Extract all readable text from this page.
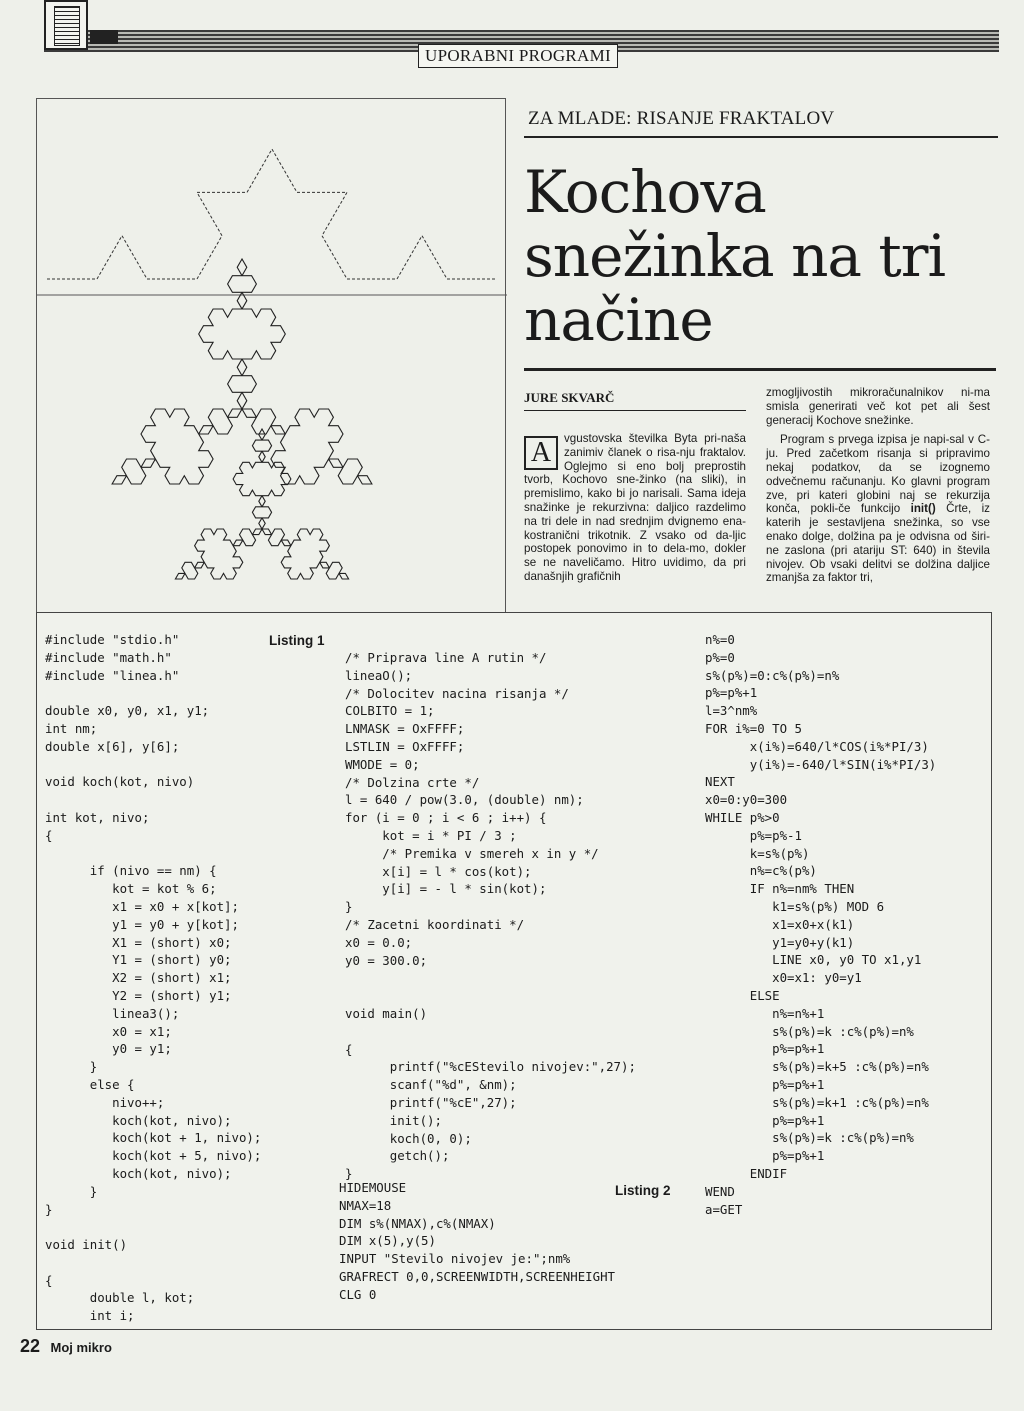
UPORABNI PROGRAMI
ZA MLADE: RISANJE FRAKTALOV
Kochova
snežinka na tri
načine
JURE SKVARČ
A	vgustovska številka Byta pri-naša zanimiv članek o risa-nju fraktalov. Oglejmo si eno bolj preprostih tvorb, Kochovo sne-žinko (na sliki), in premislimo, kako bi jo narisali. Sama ideja snažinke je rekurzivna: daljico razdelimo na tri dele in nad srednjim dvignemo ena-kostranični trikotnik. Z vsako od da-ljic postopek ponovimo in to dela-mo, dokler se ne naveličamo. Hitro uvidimo, da pri današnjih grafičnih
zmogljivostih mikroračunalnikov ni-ma smisla generirati več kot pet ali šest generacij Kochove snežinke.
Program s prvega izpisa je napi-sal v C-ju. Pred začetkom risanja si pripravimo nekaj podatkov, da se izognemo odvečnemu računanju. Ko glavni program zve, pri kateri globini naj se rekurzija konča, pokli-če funkcijo init() Črte, iz katerih je sestavljena snežinka, so vse enako dolge, dolžina pa je odvisna od širi-ne zaslona (pri atariju ST: 640) in števila nivojev. Ob vsaki delitvi se dolžina daljice zmanjša za faktor tri,
#include "stdio.h"
#include "math.h"
#include "linea.h"

double x0, y0, x1, y1;
int nm;
double x[6], y[6];

void koch(kot, nivo)

int kot, nivo;
{

if (nivo == nm) {
kot = kot % 6;
x1 = x0 + x[kot];
y1 = y0 + y[kot];
X1 = (short) x0;
Y1 = (short) y0;
X2 = (short) x1;
Y2 = (short) y1;
linea3();
x0 = x1;
y0 = y1;
}
else {
nivo++;
koch(kot, nivo);
koch(kot + 1, nivo);
koch(kot + 5, nivo);
koch(kot, nivo);
}
}

void init()

{
double l, kot;
int i;
Listing 1
/* Priprava line A rutin */
lineaO();
/* Dolocitev nacina risanja */
COLBITO = 1;
LNMASK = OxFFFF;
LSTLIN = OxFFFF;
WMODE = 0;
/* Dolzina crte */
l = 640 / pow(3.0, (double) nm);
for (i = 0 ; i < 6 ; i++) {
kot = i * PI / 3 ;
/* Premika v smereh x in y */
x[i] = l * cos(kot);
y[i] = - l * sin(kot);
}
/* Zacetni koordinati */
x0 = 0.0;
y0 = 300.0;

void main()

{
printf("%cEStevilo nivojev:",27);
scanf("%d", &nm);
printf("%cE",27);
init();
koch(0, 0);
getch();
}
HIDEMOUSE
NMAX=18
DIM s%(NMAX),c%(NMAX)
DIM x(5),y(5)
INPUT "Stevilo nivojev je:";nm%
GRAFRECT 0,0,SCREENWIDTH,SCREENHEIGHT
CLG 0
Listing 2
n%=0
p%=0
s%(p%)=0:c%(p%)=n%
p%=p%+1
l=3^nm%
FOR i%=0 TO 5
x(i%)=640/l*COS(i%*PI/3)
y(i%)=-640/l*SIN(i%*PI/3)
NEXT
x0=0:y0=300
WHILE p%>0
p%=p%-1
k=s%(p%)
n%=c%(p%)
IF n%=nm% THEN
k1=s%(p%) MOD 6
x1=x0+x(k1)
y1=y0+y(k1)
LINE x0, y0 TO x1,y1
x0=x1: y0=y1
ELSE
n%=n%+1
s%(p%)=k :c%(p%)=n%
p%=p%+1
s%(p%)=k+5 :c%(p%)=n%
p%=p%+1
s%(p%)=k+1 :c%(p%)=n%
p%=p%+1
s%(p%)=k :c%(p%)=n%
p%=p%+1
ENDIF
WEND
a=GET
22 Moj mikro
